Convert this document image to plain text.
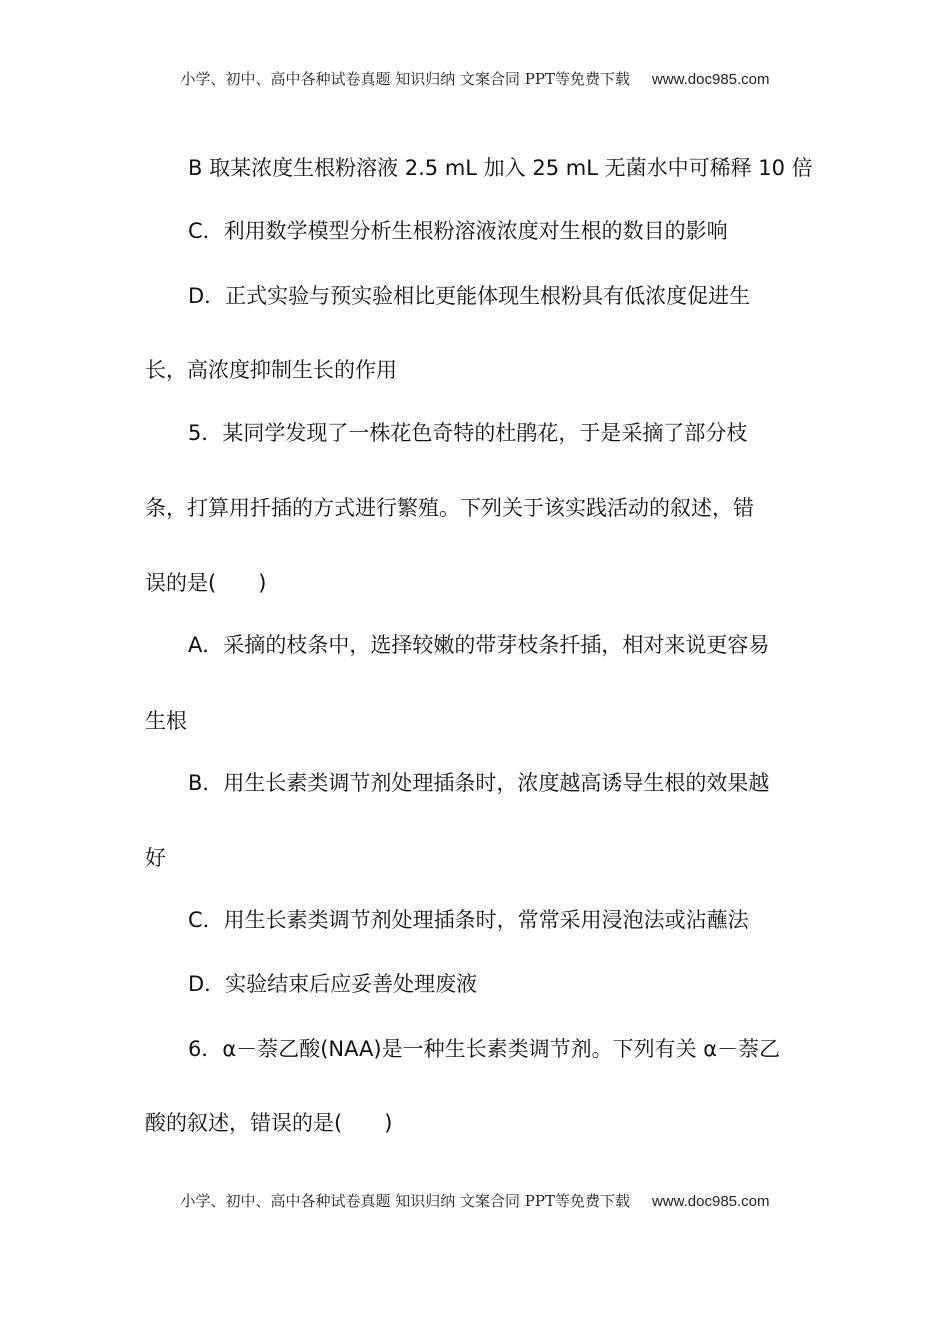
小学、初中、高中各种试卷真题 知识归纳 文案合同 PPT等免费下载 www.doc985.com
B 取某浓度生根粉溶液 2.5 mL 加入 25 mL 无菌水中可稀释 10 倍
C．利用数学模型分析生根粉溶液浓度对生根的数目的影响
D．正式实验与预实验相比更能体现生根粉具有低浓度促进生
长，高浓度抑制生长的作用
5．某同学发现了一株花色奇特的杜鹃花，于是采摘了部分枝
条，打算用扦插的方式进行繁殖。下列关于该实践活动的叙述，错
误的是(　　)
A．采摘的枝条中，选择较嫩的带芽枝条扦插，相对来说更容易
生根
B．用生长素类调节剂处理插条时，浓度越高诱导生根的效果越
好
C．用生长素类调节剂处理插条时，常常采用浸泡法或沾蘸法
D．实验结束后应妥善处理废液
6．α－萘乙酸(NAA)是一种生长素类调节剂。下列有关 α－萘乙
酸的叙述，错误的是(　　)
小学、初中、高中各种试卷真题 知识归纳 文案合同 PPT等免费下载 www.doc985.com
